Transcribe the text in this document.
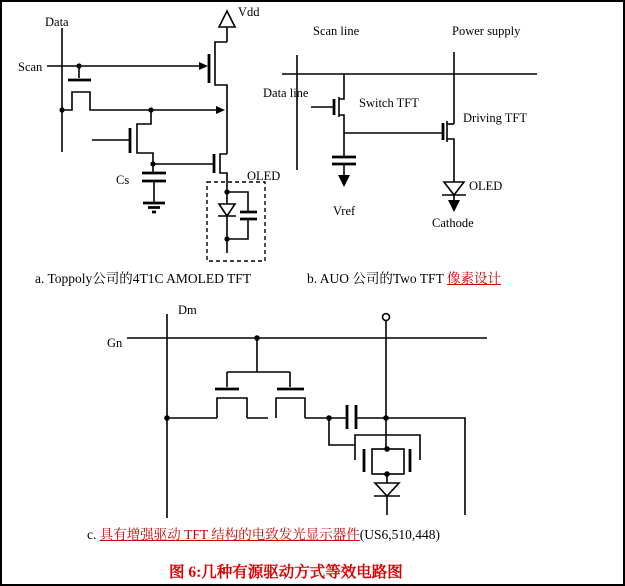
Data
Scan
Vdd
Cs	OLED
Scan line	Power supply
Data line
Switch TFT
Driving TFT
OLED
Vref
Cathode
Dm
Gn
a. Toppoly公司的4T1C AMOLED TFT	b. AUO 公司的Two TFT 像素设计
c. 具有增强驱动 TFT 结构的电致发光显示器件(US6,510,448)
图 6:几种有源驱动方式等效电路图
